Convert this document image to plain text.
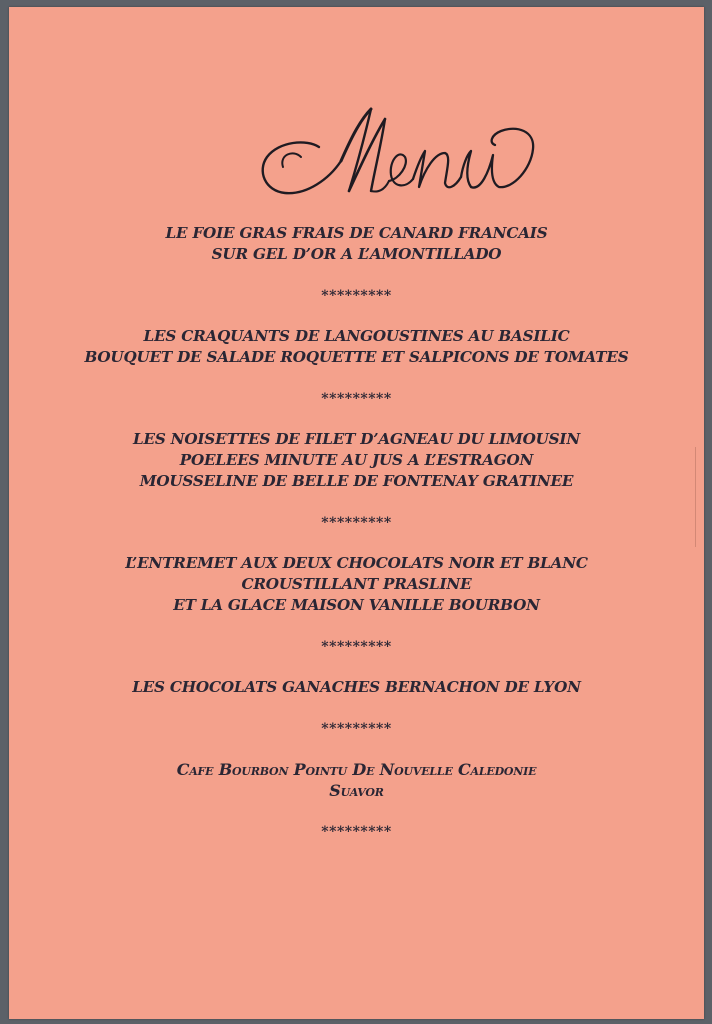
LE FOIE GRAS FRAIS DE CANARD FRANCAIS
SUR GEL D’OR A L’AMONTILLADO
*********
LES CRAQUANTS DE LANGOUSTINES AU BASILIC
BOUQUET DE SALADE ROQUETTE ET SALPICONS DE TOMATES
*********
LES NOISETTES DE FILET D’AGNEAU DU LIMOUSIN
POELEES MINUTE AU JUS A L’ESTRAGON
MOUSSELINE DE BELLE DE FONTENAY GRATINEE
*********
L’ENTREMET AUX DEUX CHOCOLATS NOIR ET BLANC
CROUSTILLANT PRASLINE
ET LA GLACE MAISON VANILLE BOURBON
*********
LES CHOCOLATS GANACHES BERNACHON DE LYON
*********
Cafe Bourbon Pointu De Nouvelle Caledonie
Suavor
*********
